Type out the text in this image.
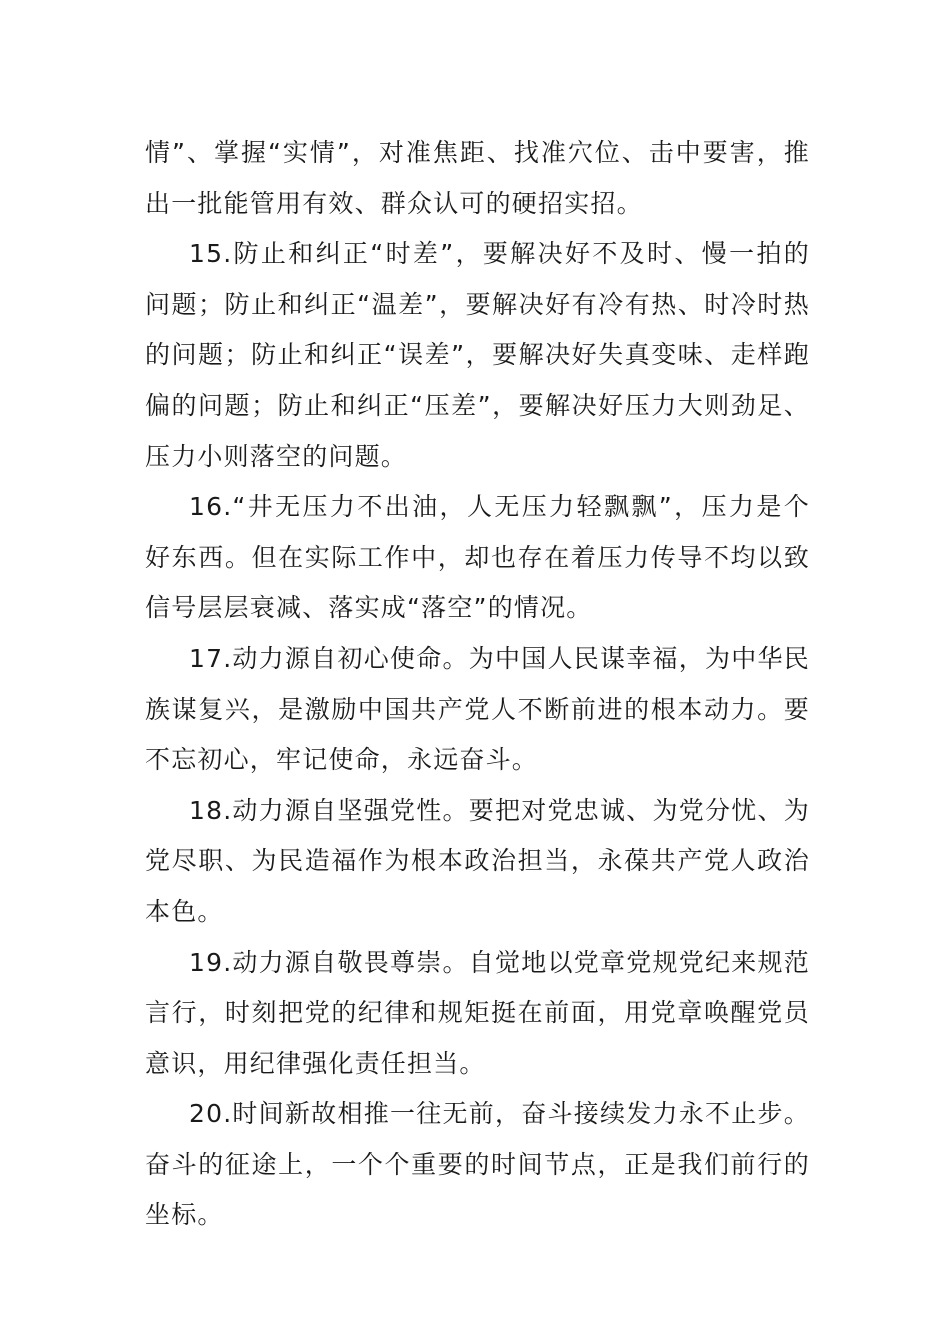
情”、掌握“实情”，对准焦距、找准穴位、击中要害，推出一批能管用有效、群众认可的硬招实招。

15.防止和纠正“时差”，要解决好不及时、慢一拍的问题；防止和纠正“温差”，要解决好有冷有热、时冷时热的问题；防止和纠正“误差”，要解决好失真变味、走样跑偏的问题；防止和纠正“压差”，要解决好压力大则劲足、压力小则落空的问题。

16.“井无压力不出油，人无压力轻飘飘”，压力是个好东西。但在实际工作中，却也存在着压力传导不均以致信号层层衰减、落实成“落空”的情况。

17.动力源自初心使命。为中国人民谋幸福，为中华民族谋复兴，是激励中国共产党人不断前进的根本动力。要不忘初心，牢记使命，永远奋斗。

18.动力源自坚强党性。要把对党忠诚、为党分忧、为党尽职、为民造福作为根本政治担当，永葆共产党人政治本色。

19.动力源自敬畏尊崇。自觉地以党章党规党纪来规范言行，时刻把党的纪律和规矩挺在前面，用党章唤醒党员意识，用纪律强化责任担当。

20.时间新故相推一往无前，奋斗接续发力永不止步。奋斗的征途上，一个个重要的时间节点，正是我们前行的坐标。
